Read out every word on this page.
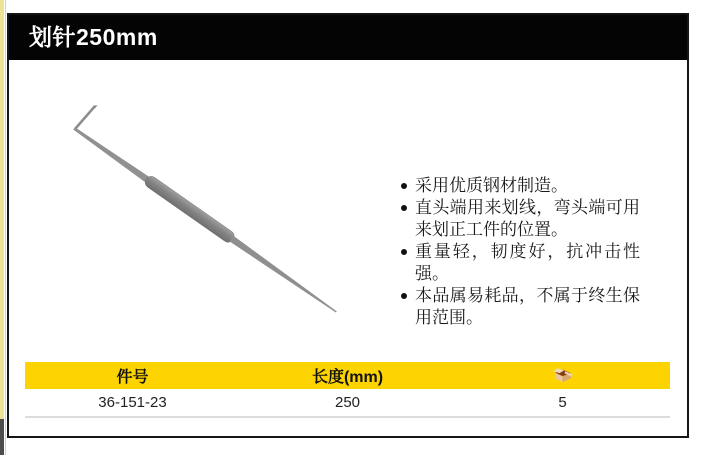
划针250mm
采用优质钢材制造。
直头端用来划线，弯头端可用来划正工件的位置。
重量轻，韧度好，抗冲击性强。
本品属易耗品，不属于终生保用范围。
件号	长度(mm)	

36-151-23	250	5
